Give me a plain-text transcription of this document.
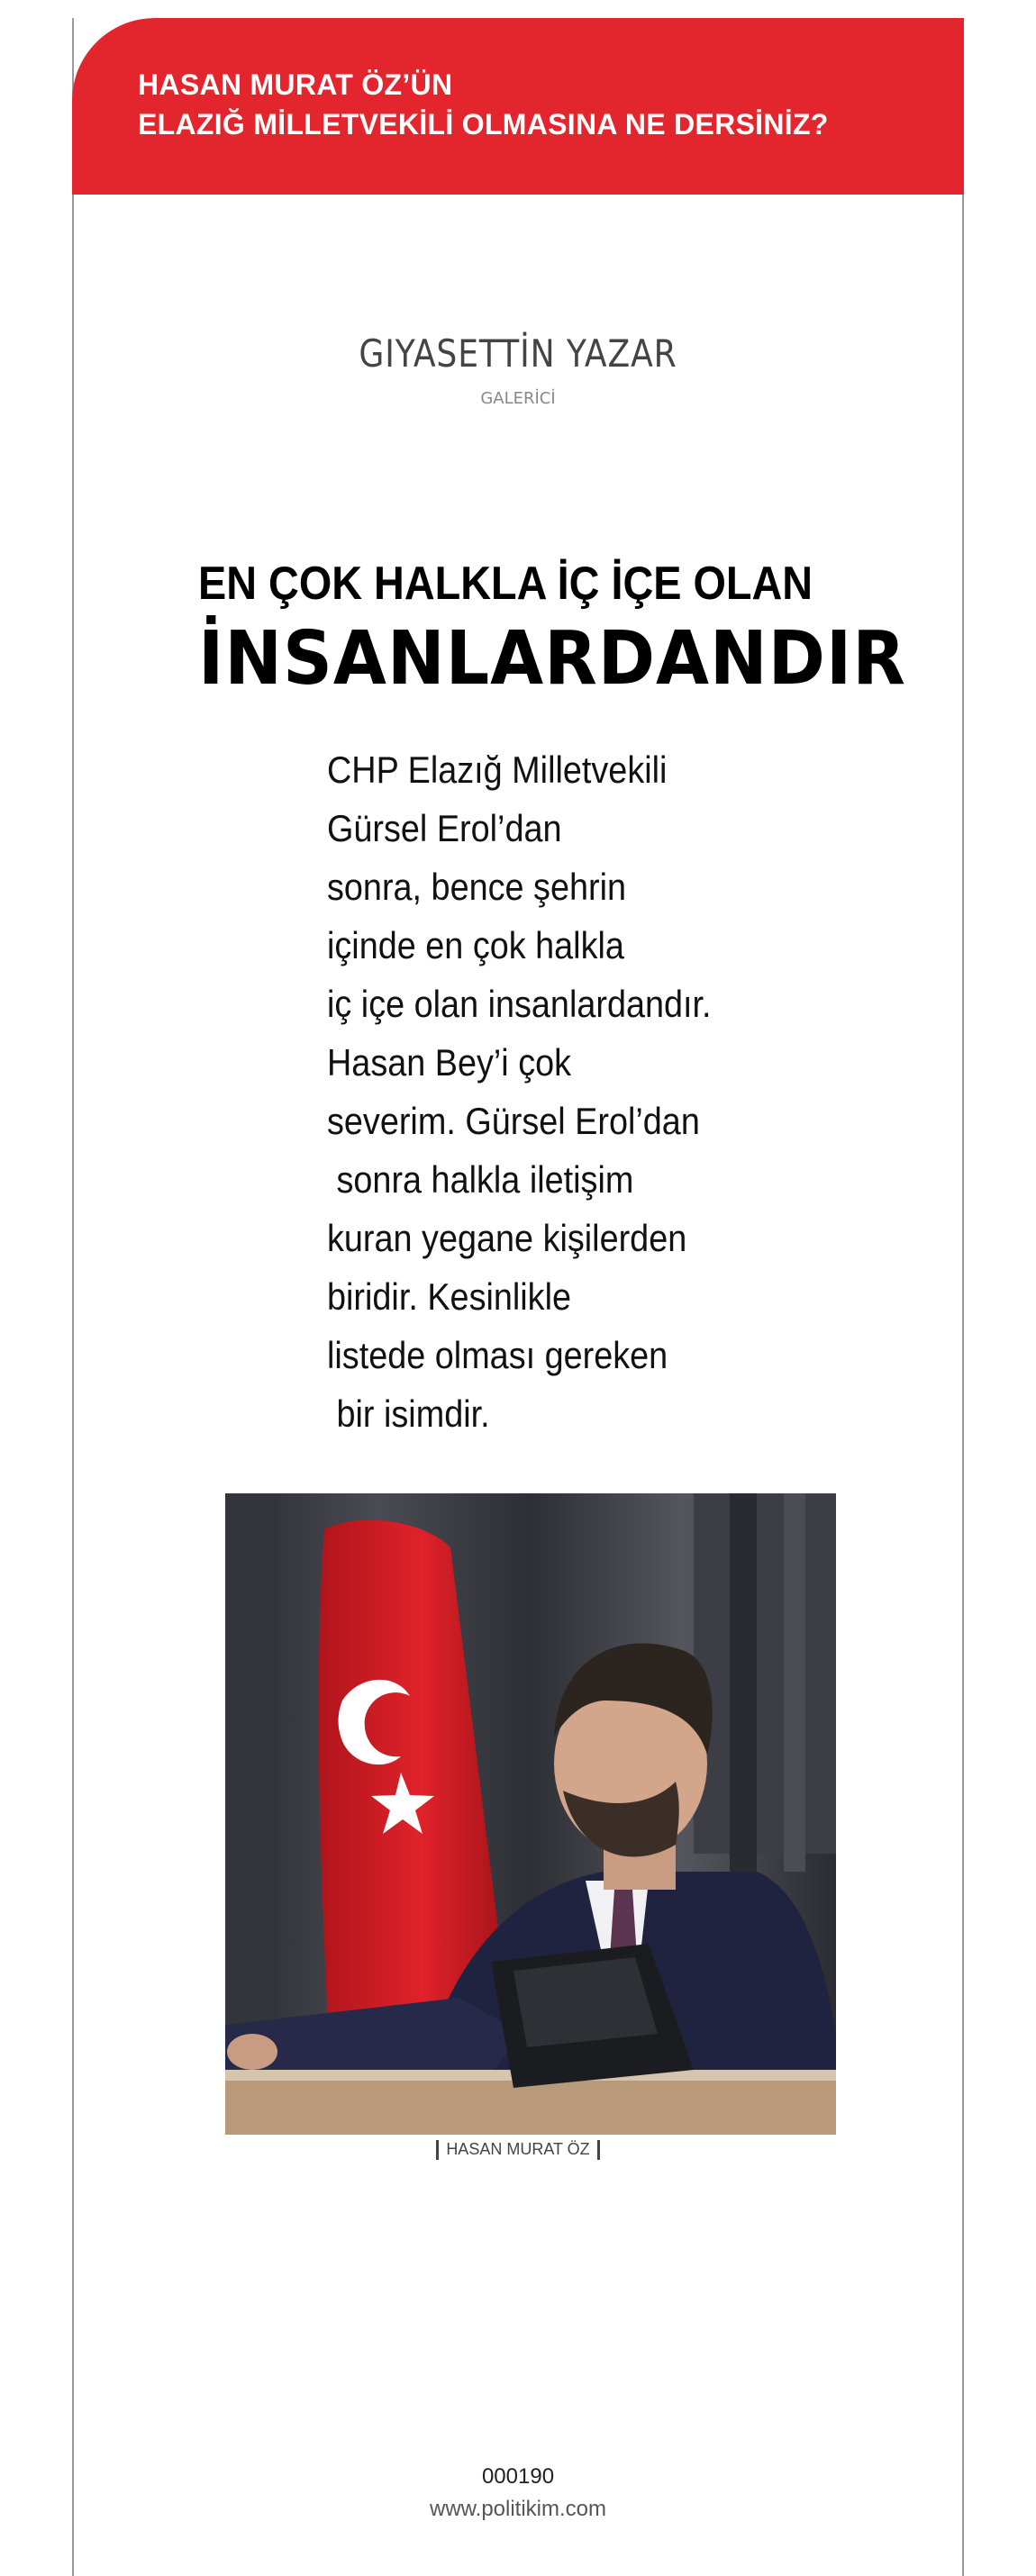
HASAN MURAT ÖZ’ÜN
ELAZIĞ MİLLETVEKİLİ OLMASINA NE DERSİNİZ?
GIYASETTİN YAZAR
GALERİCİ
EN ÇOK HALKLA İÇ İÇE OLAN
İNSANLARDANDIR
CHP Elazığ Milletvekili
Gürsel Erol’dan
sonra, bence şehrin
içinde en çok halkla
iç içe olan insanlardandır.
Hasan Bey’i çok
severim. Gürsel Erol’dan
sonra halkla iletişim
kuran yegane kişilerden
biridir. Kesinlikle
listede olması gereken
bir isimdir.
HASAN MURAT ÖZ
000190
www.politikim.com
